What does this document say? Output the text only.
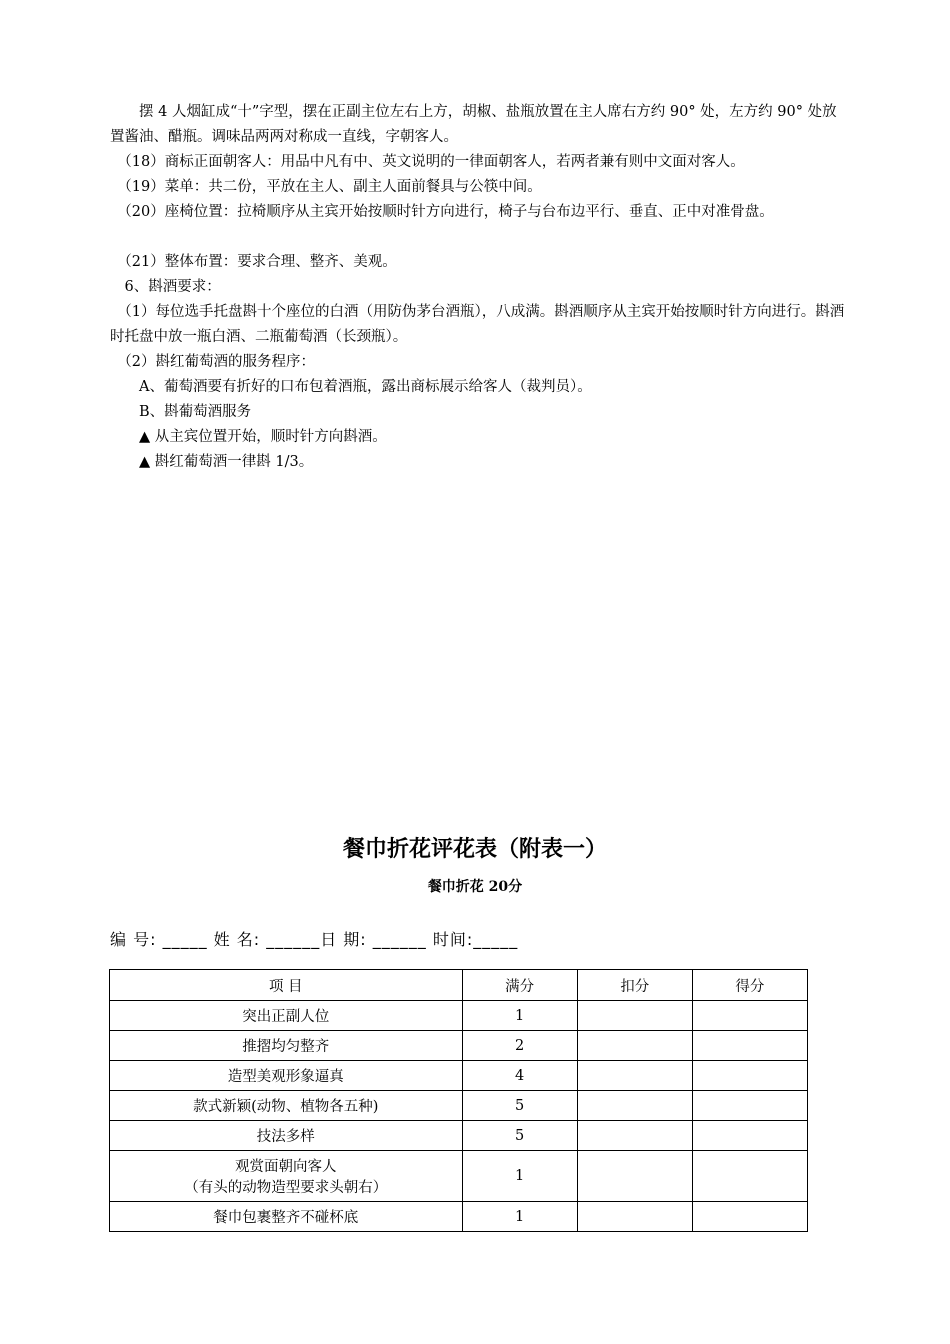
　　摆 4 人烟缸成“十”字型，摆在正副主位左右上方，胡椒、盐瓶放置在主人席右方约 90° 处，左方约 90° 处放置酱油、醋瓶。调味品两两对称成一直线，字朝客人。

　（18）商标正面朝客人：用品中凡有中、英文说明的一律面朝客人，若两者兼有则中文面对客人。

　（19）菜单：共二份，平放在主人、副主人面前餐具与公筷中间。

　（20）座椅位置：拉椅顺序从主宾开始按顺时针方向进行，椅子与台布边平行、垂直、正中对准骨盘。

　（21）整体布置：要求合理、整齐、美观。

　6、斟酒要求：

　（1）每位选手托盘斟十个座位的白酒（用防伪茅台酒瓶），八成满。斟酒顺序从主宾开始按顺时针方向进行。斟酒时托盘中放一瓶白酒、二瓶葡萄酒（长颈瓶）。

　（2）斟红葡萄酒的服务程序：

　　A、葡萄酒要有折好的口布包着酒瓶，露出商标展示给客人（裁判员）。

　　B、斟葡萄酒服务

　　▲ 从主宾位置开始，顺时针方向斟酒。

　　▲ 斟红葡萄酒一律斟 1/3。

餐巾折花评花表（附表一）
餐巾折花 20分
编 号: _____ 姓 名: ______日 期: ______ 时间:_____
项 目	满分	扣分	得分
突出正副人位	1		
推摺均匀整齐	2		
造型美观形象逼真	4		
款式新颖(动物、植物各五种)	5		
技法多样	5		

观赏面朝向客人
（有头的动物造型要求头朝右）	1		
餐巾包裹整齐不碰杯底	1		
